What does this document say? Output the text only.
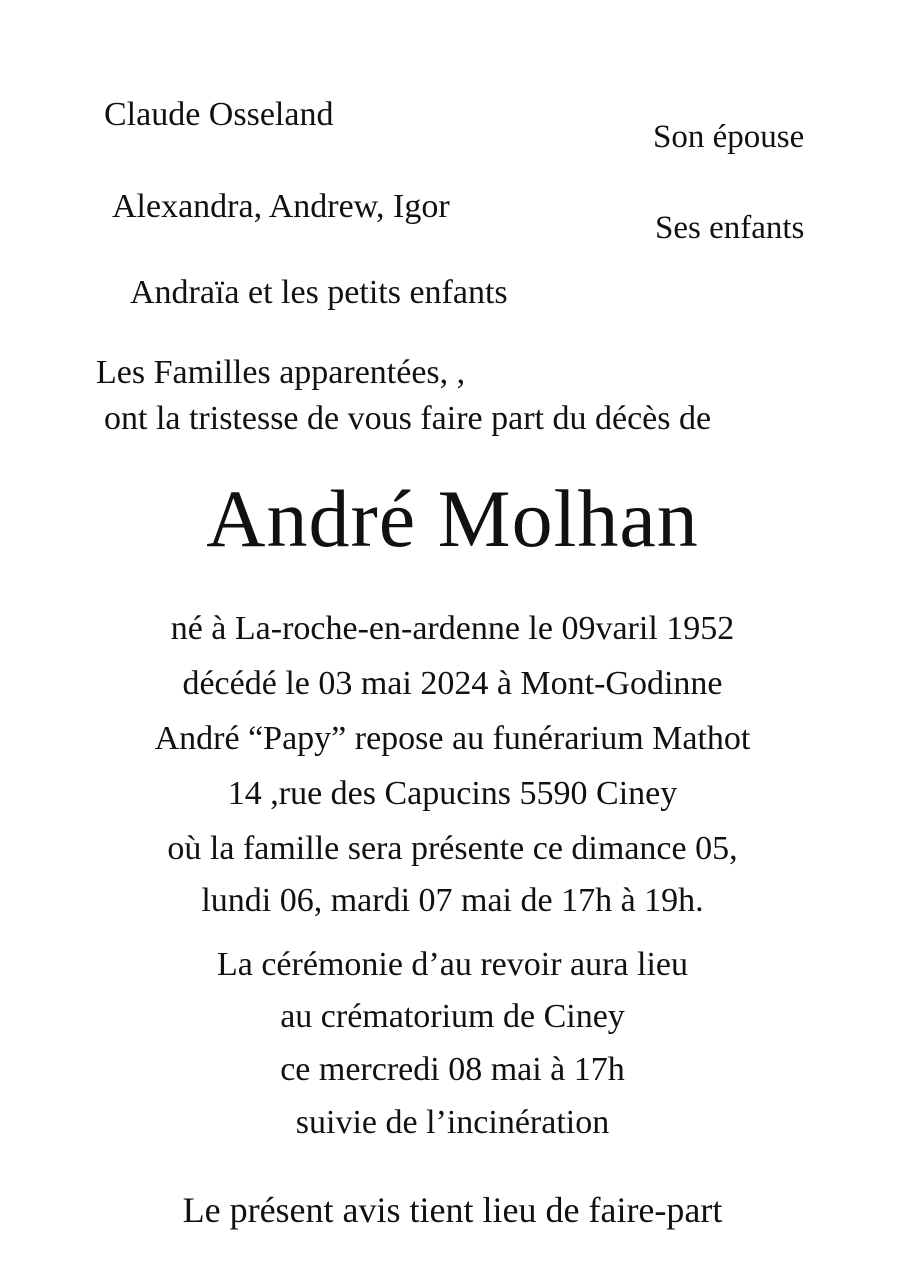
Claude Osseland
Son épouse
Alexandra, Andrew, Igor
Ses enfants
Andraïa et les petits enfants
Les Familles apparentées, ,
ont la tristesse de vous faire part du décès de
André Molhan
né à La-roche-en-ardenne le 09varil 1952
décédé le 03 mai 2024 à Mont-Godinne
André “Papy” repose au funérarium Mathot
14 ,rue des Capucins 5590 Ciney
où la famille sera présente ce dimance 05,
lundi 06, mardi 07 mai de 17h à 19h.
La cérémonie d’au revoir aura lieu
au crématorium de Ciney
ce mercredi 08 mai à 17h
suivie de l’incinération
Le présent avis tient lieu de faire-part
